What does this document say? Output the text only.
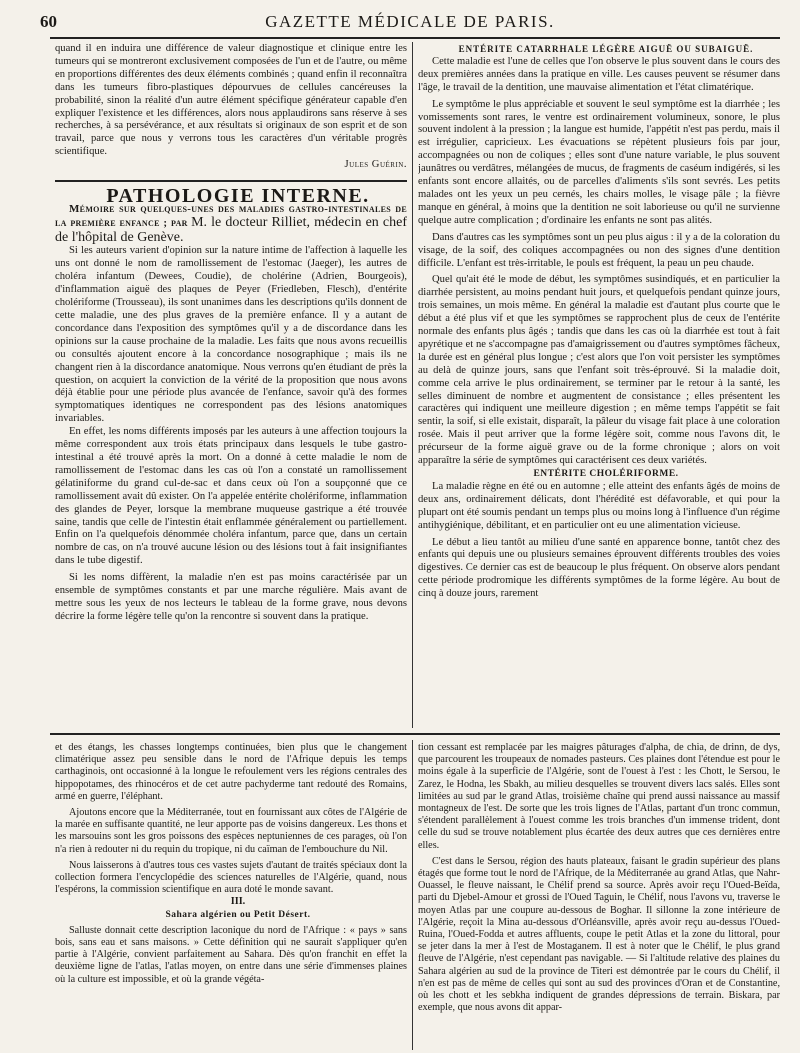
60	GAZETTE MÉDICALE DE PARIS.

quand il en induira une différence de valeur diagnostique et clinique entre les tumeurs qui se montreront exclusivement composées de l'un et de l'autre, ou même en proportions différentes des deux éléments combinés ; quand enfin il reconnaîtra dans les tumeurs fibro-plastiques dépourvues de cellules cancéreuses la probabilité, sinon la réalité d'un autre élément spécifique générateur capable d'en expliquer l'existence et les différences, alors nous applaudirons sans réserve à ses recherches, à sa persévérance, et aux résultats si originaux de son esprit et de son travail, parce que nous y verrons tous les caractères d'un véritable progrès scientifique.

Jules Guérin.

PATHOLOGIE INTERNE.

Mémoire sur quelques-unes des maladies gastro-intestinales de la première enfance ; par M. le docteur Rilliet, médecin en chef de l'hôpital de Genève.

Si les auteurs varient d'opinion sur la nature intime de l'affection à laquelle les uns ont donné le nom de ramollissement de l'estomac (Jaeger), les autres de choléra infantum (Dewees, Coudie), de cholérine (Adrien, Bourgeois), d'inflammation aiguë des plaques de Peyer (Friedleben, Flesch), d'entérite cholériforme (Trousseau), ils sont unanimes dans les descriptions qu'ils donnent de cette maladie, une des plus graves de la première enfance. Il y a autant de concordance dans l'exposition des symptômes qu'il y a de discordance dans les opinions sur la cause prochaine de la maladie. Les faits que nous avons recueillis ou consultés ajoutent encore à la concordance nosographique ; mais ils ne changent rien à la discordance anatomique. Nous verrons qu'en étudiant de près la question, on acquiert la conviction de la vérité de la proposition que nous avons déjà établie pour une période plus avancée de l'enfance, savoir qu'à des formes symptomatiques identiques ne correspondent pas des lésions anatomiques invariables.

En effet, les noms différents imposés par les auteurs à une affection toujours la même correspondent aux trois états principaux dans lesquels le tube gastro-intestinal a été trouvé après la mort. On a donné à cette maladie le nom de ramollissement de l'estomac dans les cas où l'on a constaté un ramollissement gélatiniforme du grand cul-de-sac et dans ceux où l'on a soupçonné que ce ramollissement avait dû exister. On l'a appelée entérite cholériforme, inflammation des glandes de Peyer, lorsque la membrane muqueuse gastrique a été trouvée saine, tandis que celle de l'intestin était enflammée généralement ou partiellement. Enfin on l'a quelquefois dénommée choléra infantum, parce que, dans un certain nombre de cas, on n'a trouvé aucune lésion ou des lésions tout à fait insignifiantes dans le tube digestif.

Si les noms diffèrent, la maladie n'en est pas moins caractérisée par un ensemble de symptômes constants et par une marche régulière. Mais avant de mettre sous les yeux de nos lecteurs le tableau de la forme grave, nous devons décrire la forme légère telle qu'on la rencontre si souvent dans la pratique.

ENTÉRITE CATARRHALE LÉGÈRE AIGUË OU SUBAIGUË.

Cette maladie est l'une de celles que l'on observe le plus souvent dans le cours des deux premières années dans la pratique en ville. Les causes peuvent se résumer dans l'âge, le travail de la dentition, une mauvaise alimentation et l'état climatérique.

Le symptôme le plus appréciable et souvent le seul symptôme est la diarrhée ; les vomissements sont rares, le ventre est ordinairement volumineux, sonore, le plus souvent indolent à la pression ; la langue est humide, l'appétit n'est pas perdu, mais il est irrégulier, capricieux. Les évacuations se répètent plusieurs fois par jour, accompagnées ou non de coliques ; elles sont d'une nature variable, le plus souvent jaunâtres ou verdâtres, mélangées de mucus, de fragments de caséum indigérés, si les enfants sont encore allaités, ou de parcelles d'aliments s'ils sont sevrés. Les petits malades ont les yeux un peu cernés, les chairs molles, le visage pâle ; la fièvre manque en général, à moins que la dentition ne soit laborieuse ou qu'il ne survienne quelque autre complication ; d'ordinaire les enfants ne sont pas alités.

Dans d'autres cas les symptômes sont un peu plus aigus : il y a de la coloration du visage, de la soif, des coliques accompagnées ou non des signes d'une dentition difficile. L'enfant est très-irritable, le pouls est fréquent, la peau un peu chaude.

Quel qu'ait été le mode de début, les symptômes susindiqués, et en particulier la diarrhée persistent, au moins pendant huit jours, et quelquefois pendant quinze jours, trois semaines, un mois même. En général la maladie est d'autant plus courte que le début a été plus vif et que les symptômes se rapprochent plus de ceux de l'entérite normale des enfants plus âgés ; tandis que dans les cas où la diarrhée est tout à fait apyrétique et ne s'accompagne pas d'amaigrissement ou d'autres symptômes fâcheux, la durée est en général plus longue ; c'est alors que l'on voit persister les symptômes au delà de quinze jours, sans que l'enfant soit très-éprouvé. Si la maladie doit, comme cela arrive le plus ordinairement, se terminer par le retour à la santé, les selles diminuent de nombre et augmentent de consistance ; elles présentent les caractères qui indiquent une meilleure digestion ; en même temps l'appétit se fait sentir, la soif, si elle existait, disparaît, la pâleur du visage fait place à une coloration rosée. Mais il peut arriver que la forme légère soit, comme nous l'avons dit, le précurseur de la forme aiguë grave ou de la forme chronique ; alors on voit apparaître la série de symptômes qui caractérisent ces deux variétés.

ENTÉRITE CHOLÉRIFORME.

La maladie règne en été ou en automne ; elle atteint des enfants âgés de moins de deux ans, ordinairement délicats, dont l'hérédité est défavorable, et qui pour la plupart ont été soumis pendant un temps plus ou moins long à l'influence d'un régime antihygiénique, débilitant, et en particulier ont eu une alimentation vicieuse.

Le début a lieu tantôt au milieu d'une santé en apparence bonne, tantôt chez des enfants qui depuis une ou plusieurs semaines éprouvent différents troubles des voies digestives. Ce dernier cas est de beaucoup le plus fréquent. On observe alors pendant cette période prodromique les différents symptômes de la forme légère. Au bout de cinq à douze jours, rarement

et des étangs, les chasses longtemps continuées, bien plus que le changement climatérique assez peu sensible dans le nord de l'Afrique depuis les temps carthaginois, ont occasionné à la longue le refoulement vers les régions centrales des hippopotames, des rhinocéros et de cet autre pachyderme tant redouté des Romains, armé en guerre, l'éléphant.

Ajoutons encore que la Méditerranée, tout en fournissant aux côtes de l'Algérie de la marée en suffisante quantité, ne leur apporte pas de voisins dangereux. Les thons et les marsouins sont les gros poissons des espèces neptuniennes de ces parages, où l'on n'a rien à redouter ni du requin du tropique, ni du caïman de l'embouchure du Nil.

Nous laisserons à d'autres tous ces vastes sujets d'autant de traités spéciaux dont la collection formera l'encyclopédie des sciences naturelles de l'Algérie, quand, nous l'espérons, la commission scientifique en aura doté le monde savant.

III.

Sahara algérien ou Petit Désert.

Salluste donnait cette description laconique du nord de l'Afrique : « pays » sans bois, sans eau et sans maisons. » Cette définition qui ne saurait s'appliquer qu'en partie à l'Algérie, convient parfaitement au Sahara. Dès qu'on franchit en effet la deuxième ligne de l'atlas, l'atlas moyen, on entre dans une série d'immenses plaines où la culture est impossible, et où la grande végéta-

tion cessant est remplacée par les maigres pâturages d'alpha, de chia, de drinn, de dys, que parcourent les troupeaux de nomades pasteurs. Ces plaines dont l'étendue est pour le moins égale à la superficie de l'Algérie, sont de l'ouest à l'est : les Chott, le Sersou, le Zarez, le Hodna, les Sbakh, au milieu desquelles se trouvent divers lacs salés. Elles sont limitées au sud par le grand Atlas, troisième chaîne qui prend aussi naissance au massif montagneux de l'est. De sorte que les trois lignes de l'Atlas, partant d'un tronc commun, s'étendent parallèlement à l'ouest comme les trois branches d'un immense trident, dont celle du sud se trouve notablement plus écartée des deux autres que ces dernières entre elles.

C'est dans le Sersou, région des hauts plateaux, faisant le gradin supérieur des plans étagés que forme tout le nord de l'Afrique, de la Méditerranée au grand Atlas, que Nahr-Ouassel, le fleuve naissant, le Chélif prend sa source. Après avoir reçu l'Oued-Beïda, parti du Djebel-Amour et grossi de l'Oued Taguin, le Chélif, nous l'avons vu, traverse le moyen Atlas par une coupure au-dessous de Boghar. Il sillonne la zone intérieure de l'Algérie, reçoit la Mina au-dessous d'Orléansville, après avoir reçu au-dessus l'Oued-Ruina, l'Oued-Fodda et autres affluents, coupe le petit Atlas et la zone du littoral, pour se jeter dans la mer à l'est de Mostaganem. Il est à noter que le Chélif, le plus grand fleuve de l'Algérie, n'est cependant pas navigable. — Si l'altitude relative des plaines du Sahara algérien au sud de la province de Titeri est démontrée par le cours du Chélif, il n'en est pas de même de celles qui sont au sud des provinces d'Oran et de Constantine, où les chott et les sebkha indiquent de grandes dépressions de terrain. Biskara, par exemple, que nous avons dit appar-
